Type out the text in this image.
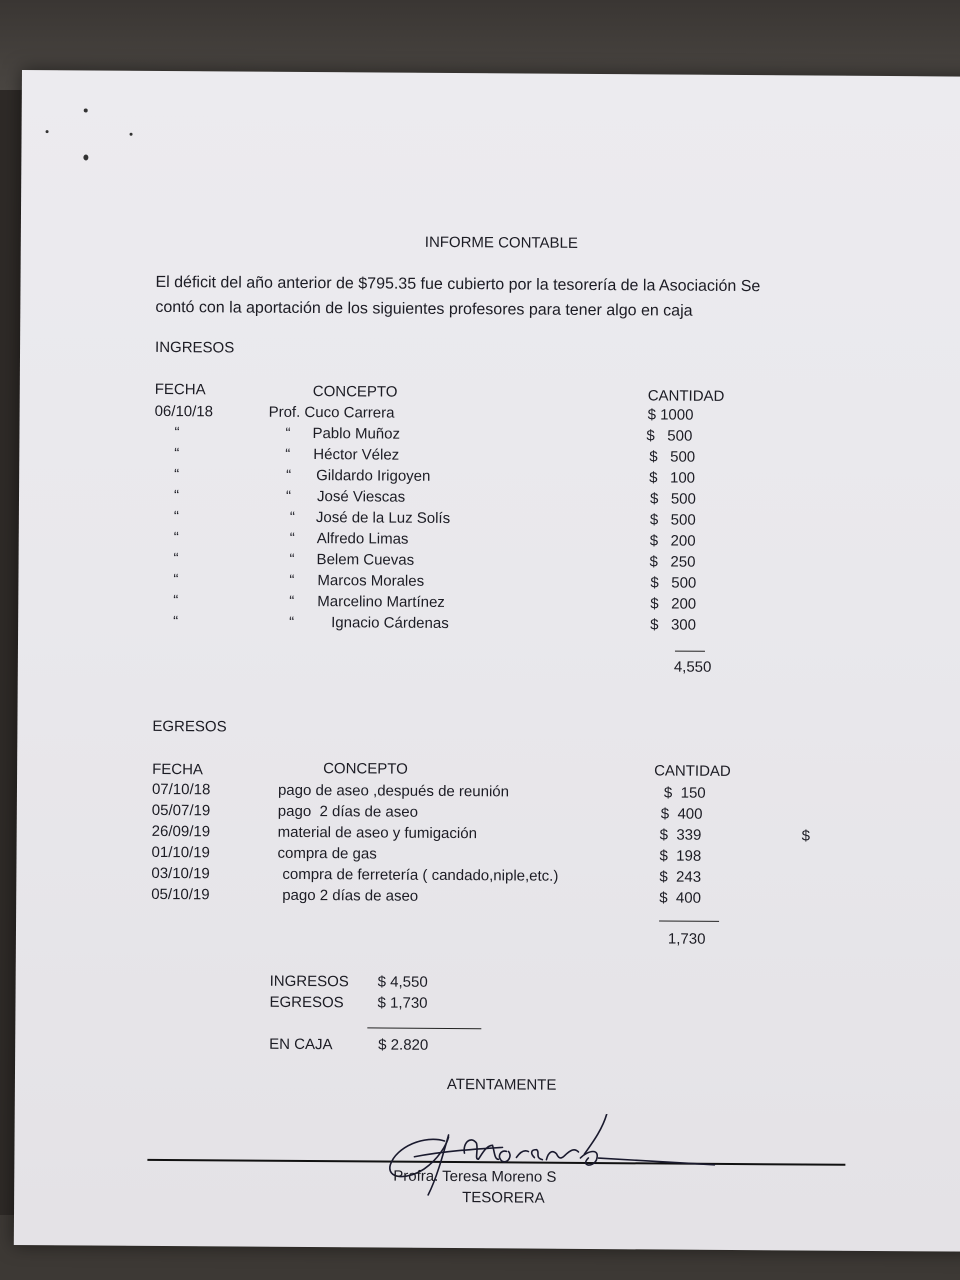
INFORME CONTABLE
El déficit del año anterior de $795.35 fue cubierto por la tesorería de la Asociación Se
contó con la aportación de los siguientes profesores para tener algo en caja
INGRESOS
FECHA	CONCEPTO	CANTIDAD
06/10/18	Prof. Cuco Carrera	$ 1000
“	“ Pablo Muñoz	$   500
“	“ Héctor Vélez	$   500
“	“ Gildardo Irigoyen	$   100
“	“ José Viescas	$   500
“	“ José de la Luz Solís	$   500
“	“ Alfredo Limas	$   200
“	“ Belem Cuevas	$   250
“	“ Marcos Morales	$   500
“	“ Marcelino Martínez	$   200
“	“ Ignacio Cárdenas	$   300
4,550
EGRESOS
FECHA	CONCEPTO	CANTIDAD
07/10/18	pago de aseo ,después de reunión	$  150
05/07/19	pago  2 días de aseo	$  400
26/09/19	material de aseo y fumigación	$  339	$
01/10/19	compra de gas	$  198
03/10/19	compra de ferretería ( candado,niple,etc.)	$  243
05/10/19	pago 2 días de aseo	$  400
1,730
INGRESOS $ 4,550
EGRESOS $ 1,730
EN CAJA	$ 2.820
ATENTAMENTE
Profra. Teresa Moreno S
TESORERA
